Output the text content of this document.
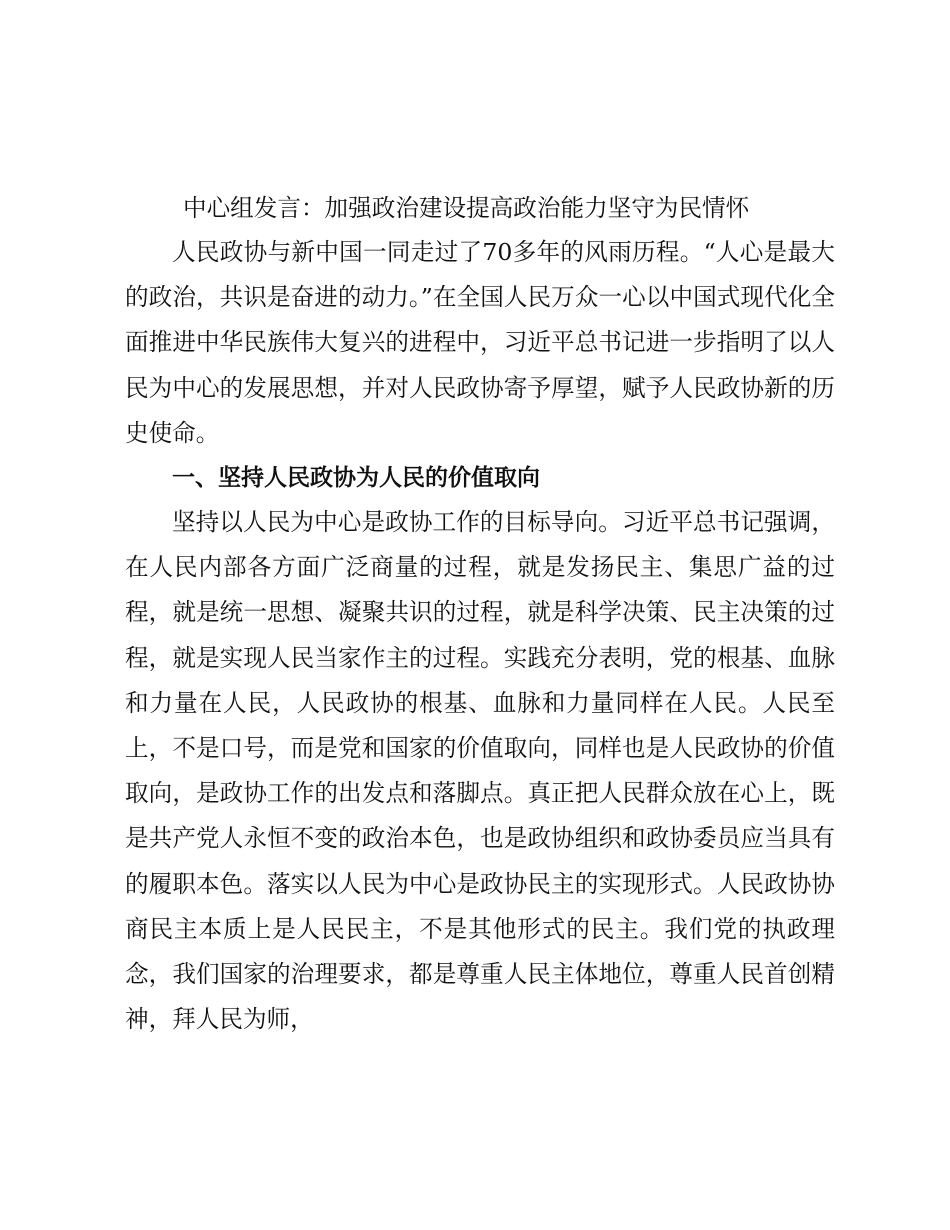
中心组发言：加强政治建设提高政治能力坚守为民情怀

人民政协与新中国一同走过了70多年的风雨历程。“人心是最大的政治，共识是奋进的动力。”在全国人民万众一心以中国式现代化全面推进中华民族伟大复兴的进程中，习近平总书记进一步指明了以人民为中心的发展思想，并对人民政协寄予厚望，赋予人民政协新的历史使命。

一、坚持人民政协为人民的价值取向

坚持以人民为中心是政协工作的目标导向。习近平总书记强调，在人民内部各方面广泛商量的过程，就是发扬民主、集思广益的过程，就是统一思想、凝聚共识的过程，就是科学决策、民主决策的过程，就是实现人民当家作主的过程。实践充分表明，党的根基、血脉和力量在人民，人民政协的根基、血脉和力量同样在人民。人民至上，不是口号，而是党和国家的价值取向，同样也是人民政协的价值取向，是政协工作的出发点和落脚点。真正把人民群众放在心上，既是共产党人永恒不变的政治本色，也是政协组织和政协委员应当具有的履职本色。落实以人民为中心是政协民主的实现形式。人民政协协商民主本质上是人民民主，不是其他形式的民主。我们党的执政理念，我们国家的治理要求，都是尊重人民主体地位，尊重人民首创精神，拜人民为师，
